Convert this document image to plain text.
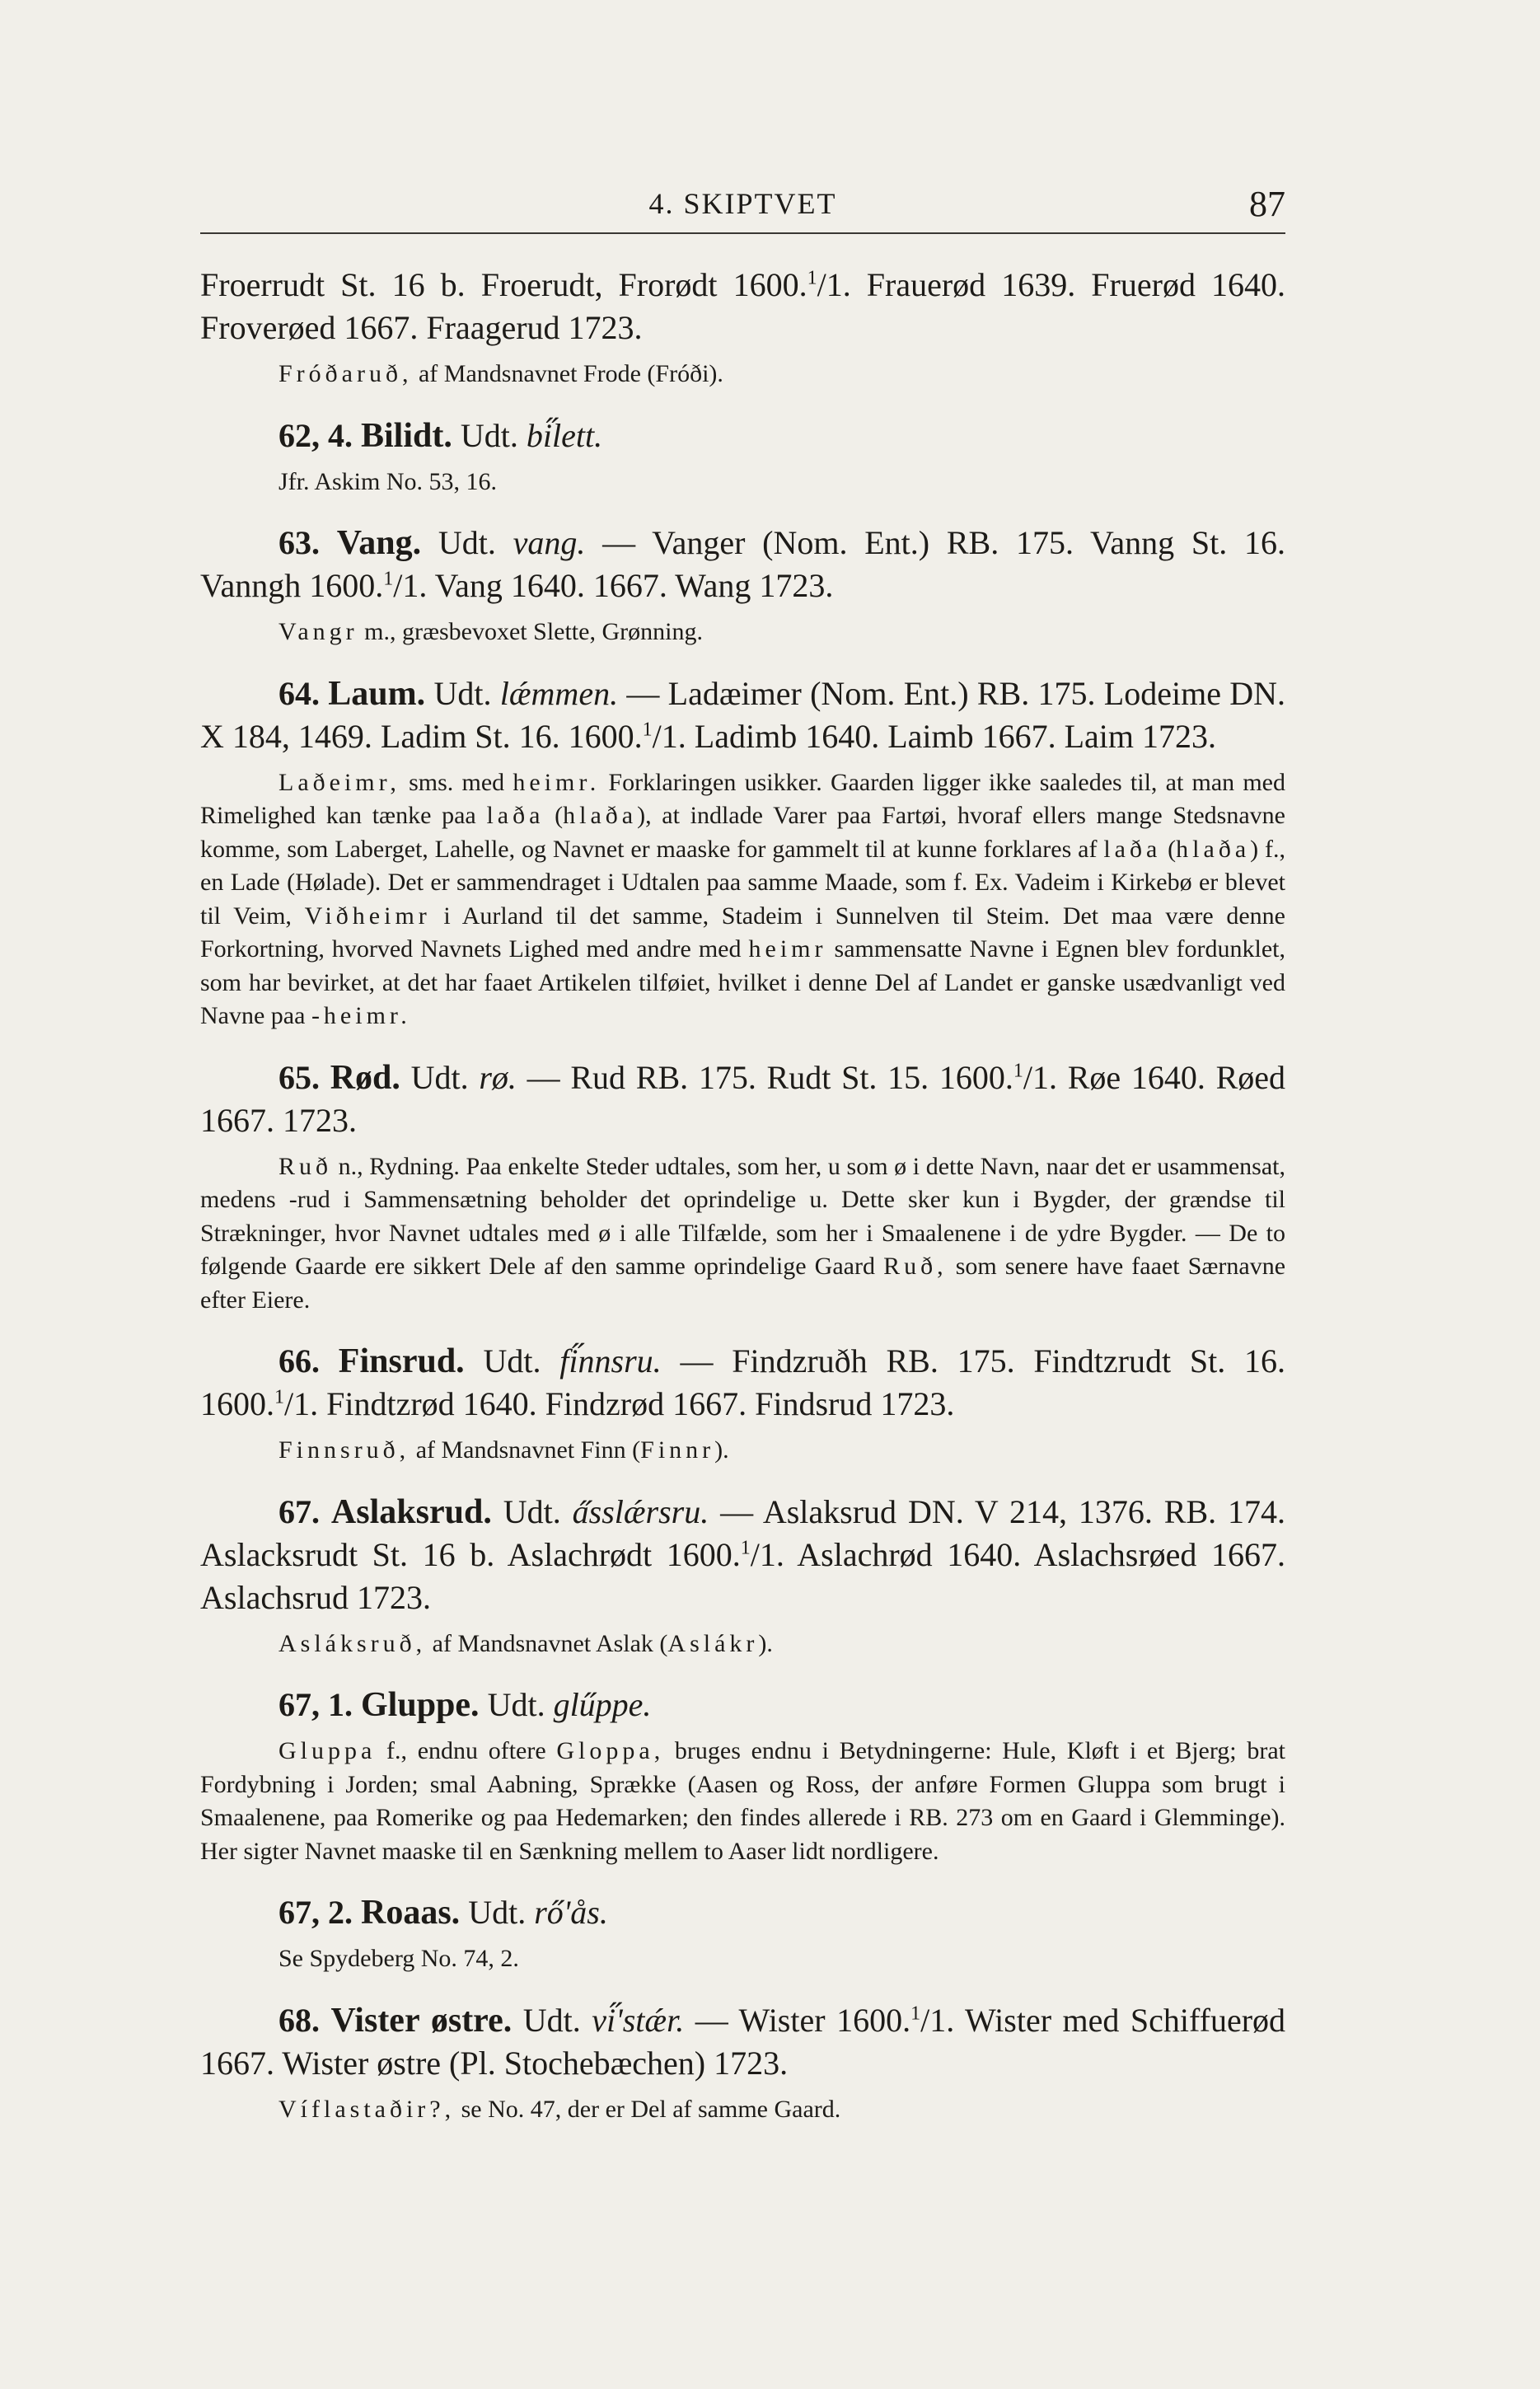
4. SKIPTVET	87

Froerrudt St. 16 b. Froerudt, Frorødt 1600.$^1$/1. Frauerød 1639. Fruerød 1640. Froverøed 1667. Fraagerud 1723.

Fróðaruð, af Mandsnavnet Frode (Fróði).

62, 4. Bilidt. Udt. bi̋lett.

Jfr. Askim No. 53, 16.

63. Vang. Udt. vang. — Vanger (Nom. Ent.) RB. 175. Vanng St. 16. Vanngh 1600.$^1$/1. Vang 1640. 1667. Wang 1723.

Vangr m., græsbevoxet Slette, Grønning.

64. Laum. Udt. lǽmmen. — Ladæimer (Nom. Ent.) RB. 175. Lodeime DN. X 184, 1469. Ladim St. 16. 1600.$^1$/1. Ladimb 1640. Laimb 1667. Laim 1723.

Laðeimr, sms. med heimr. Forklaringen usikker. Gaarden ligger ikke saaledes til, at man med Rimelighed kan tænke paa laða (hlaða), at indlade Varer paa Fartøi, hvoraf ellers mange Stedsnavne komme, som Laberget, Lahelle, og Navnet er maaske for gammelt til at kunne forklares af laða (hlaða) f., en Lade (Hølade). Det er sammendraget i Udtalen paa samme Maade, som f. Ex. Vadeim i Kirkebø er blevet til Veim, Viðheimr i Aurland til det samme, Stadeim i Sunnelven til Steim. Det maa være denne Forkortning, hvorved Navnets Lighed med andre med heimr sammensatte Navne i Egnen blev fordunklet, som har bevirket, at det har faaet Artikelen tilføiet, hvilket i denne Del af Landet er ganske usædvanligt ved Navne paa -heimr.

65. Rød. Udt. rø. — Rud RB. 175. Rudt St. 15. 1600.$^1$/1. Røe 1640. Røed 1667. 1723.

Ruð n., Rydning. Paa enkelte Steder udtales, som her, u som ø i dette Navn, naar det er usammensat, medens -rud i Sammensætning beholder det oprindelige u. Dette sker kun i Bygder, der grændse til Strækninger, hvor Navnet udtales med ø i alle Tilfælde, som her i Smaalenene i de ydre Bygder. — De to følgende Gaarde ere sikkert Dele af den samme oprindelige Gaard Ruð, som senere have faaet Særnavne efter Eiere.

66. Finsrud. Udt. fi̋nnsru. — Findzruðh RB. 175. Findtzrudt St. 16. 1600.$^1$/1. Findtzrød 1640. Findzrød 1667. Findsrud 1723.

Finnsruð, af Mandsnavnet Finn (Finnr).

67. Aslaksrud. Udt. a̋sslǽrsru. — Aslaksrud DN. V 214, 1376. RB. 174. Aslacksrudt St. 16 b. Aslachrødt 1600.$^1$/1. Aslachrød 1640. Aslachsrøed 1667. Aslachsrud 1723.

Asláksruð, af Mandsnavnet Aslak (Aslákr).

67, 1. Gluppe. Udt. glűppe.

Gluppa f., endnu oftere Gloppa, bruges endnu i Betydningerne: Hule, Kløft i et Bjerg; brat Fordybning i Jorden; smal Aabning, Sprække (Aasen og Ross, der anføre Formen Gluppa som brugt i Smaalenene, paa Romerike og paa Hedemarken; den findes allerede i RB. 273 om en Gaard i Glemminge). Her sigter Navnet maaske til en Sænkning mellem to Aaser lidt nordligere.

67, 2. Roaas. Udt. rő'ås.

Se Spydeberg No. 74, 2.

68. Vister østre. Udt. vi̋'stǽr. — Wister 1600.$^1$/1. Wister med Schiffuerød 1667. Wister østre (Pl. Stochebæchen) 1723.

Víflastaðir?, se No. 47, der er Del af samme Gaard.
